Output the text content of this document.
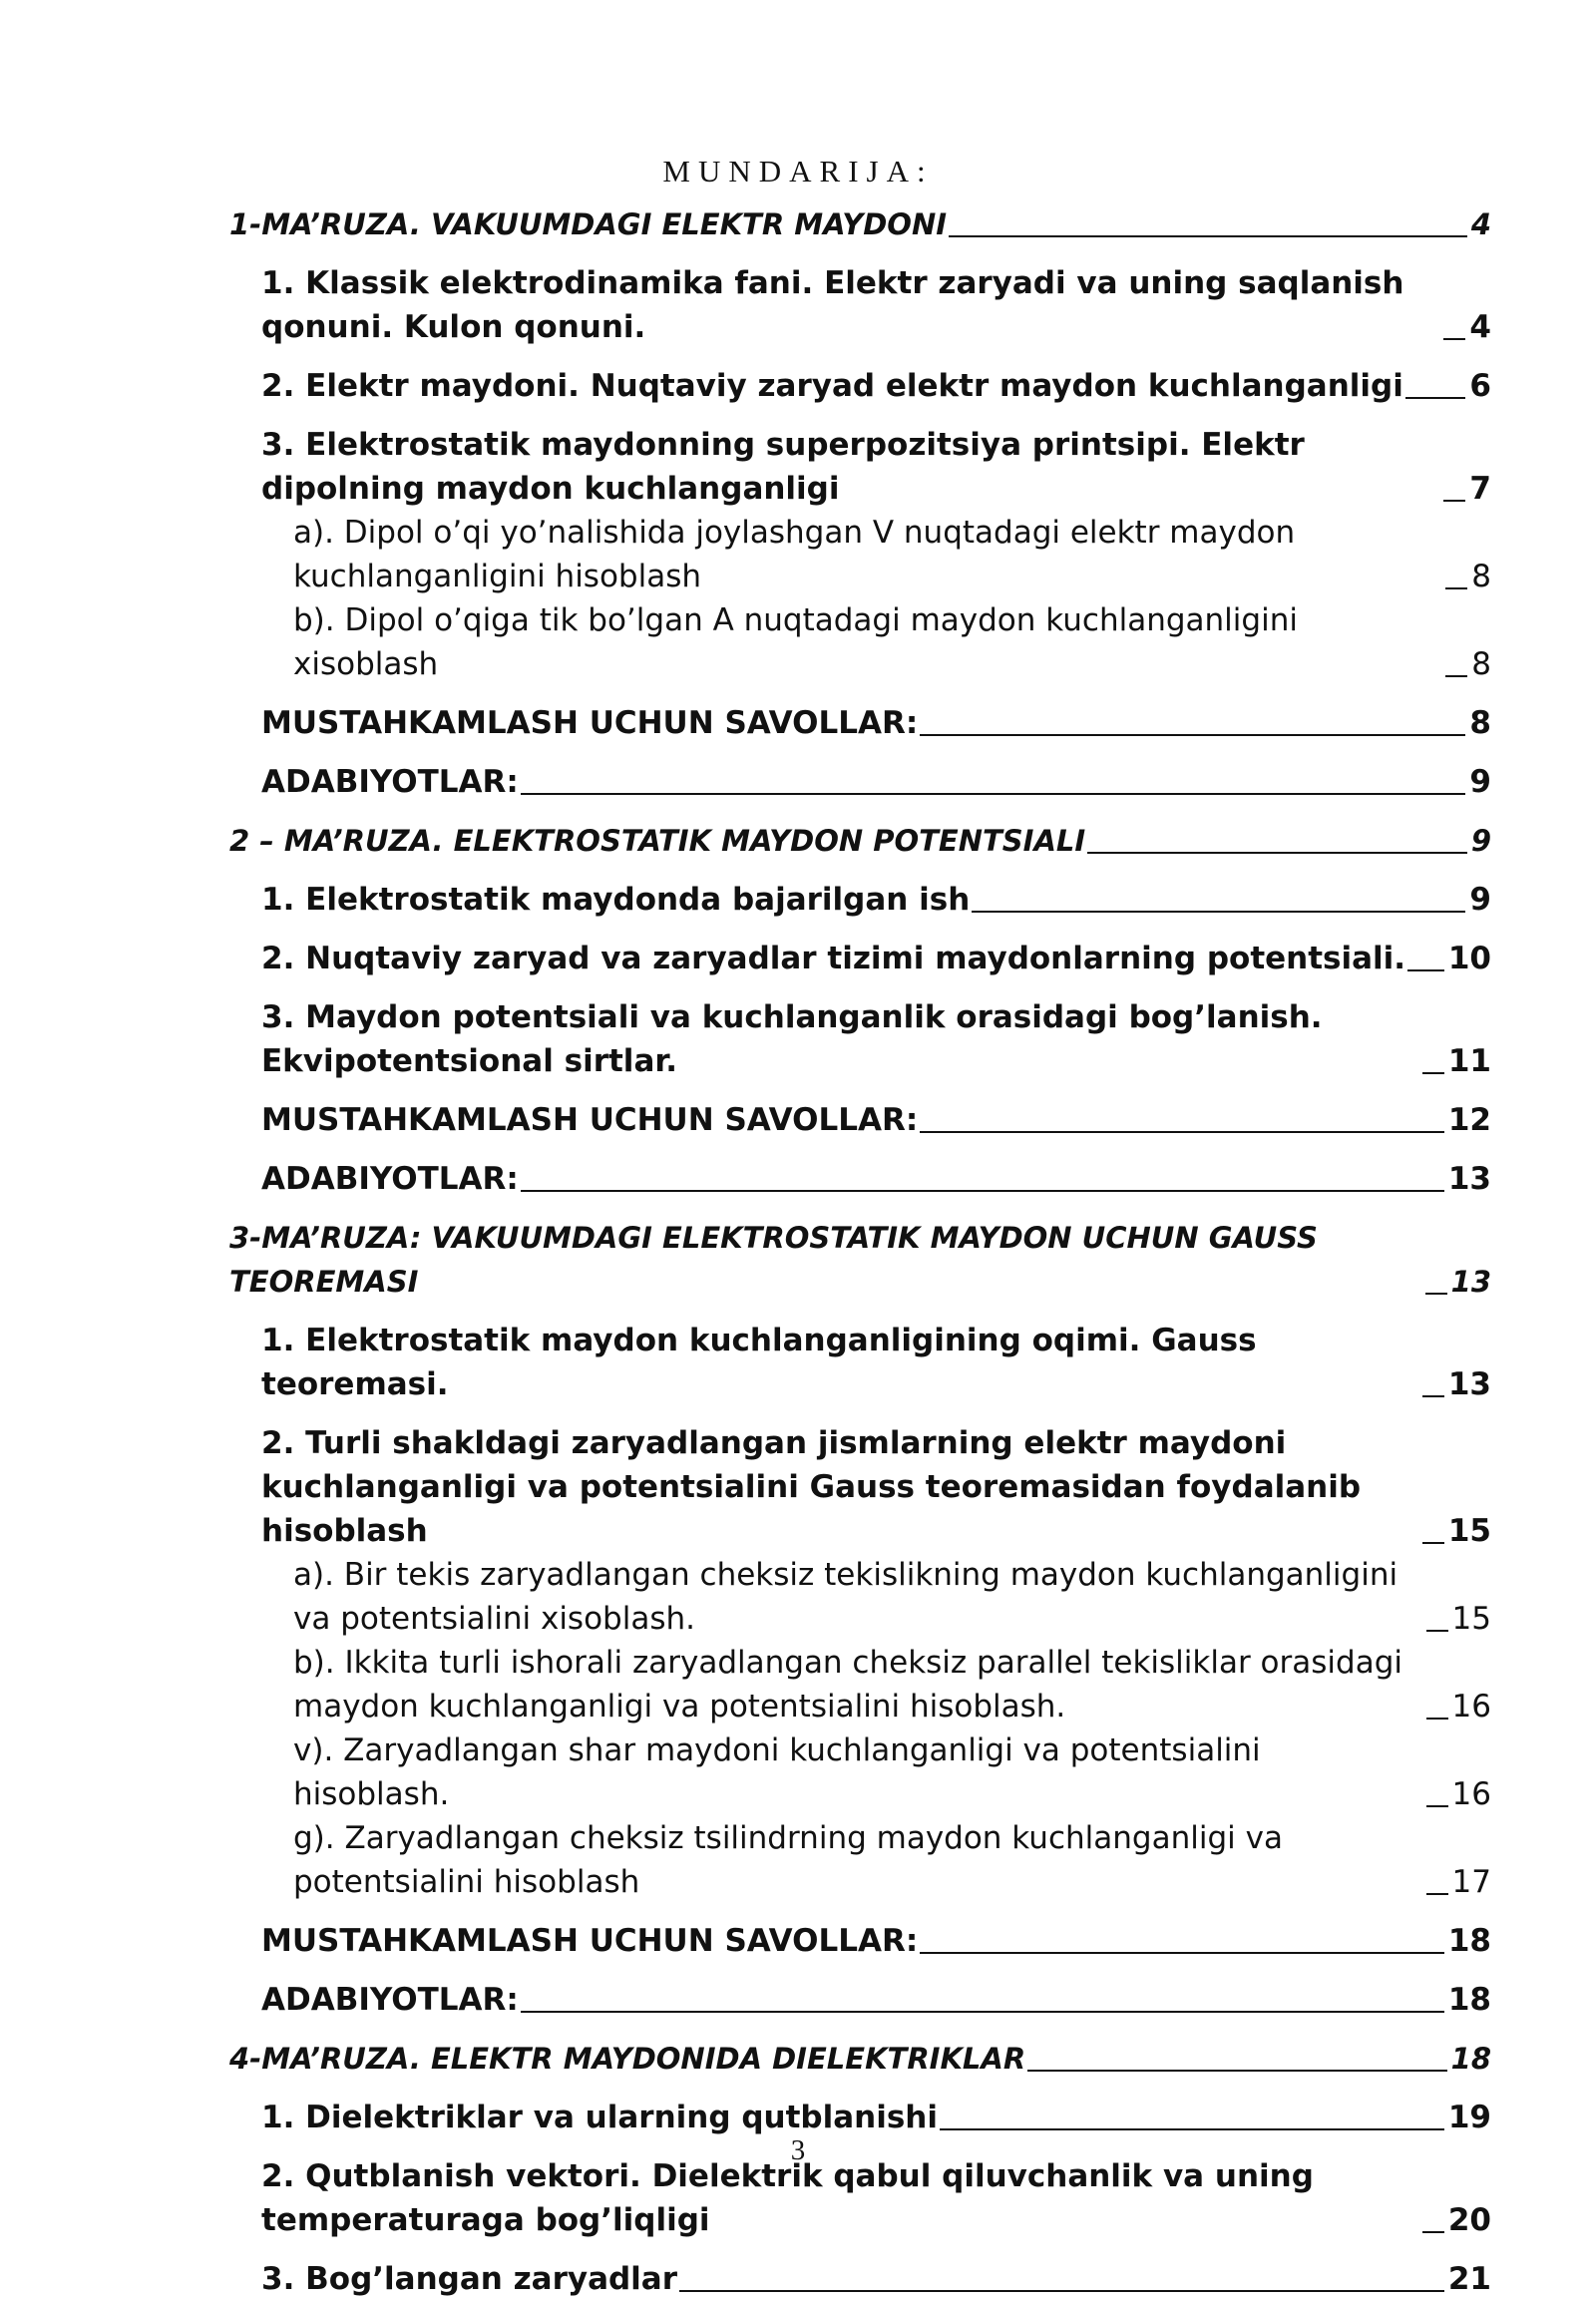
MUNDARIJA:
1-MA’RUZA. VAKUUMDAGI ELEKTR MAYDONI	4
1. Klassik elektrodinamika fani. Elektr zaryadi va uning saqlanish qonuni. Kulon qonuni.	4
2. Elektr maydoni. Nuqtaviy zaryad elektr maydon kuchlanganligi 6
3. Elektrostatik maydonning superpozitsiya printsipi. Elektr dipolning maydon kuchlanganligi	7
a). Dipol o’qi yo’nalishida joylashgan V nuqtadagi elektr maydon kuchlanganligini hisoblash	8
b). Dipol o’qiga tik bo’lgan A nuqtadagi maydon kuchlanganligini xisoblash	8
MUSTAHKAMLASH UCHUN SAVOLLAR:	8
ADABIYOTLAR:	9
2 – MA’RUZA. ELEKTROSTATIK MAYDON POTENTSIALI	9
1. Elektrostatik maydonda bajarilgan ish	9
2. Nuqtaviy zaryad va zaryadlar tizimi maydonlarning potentsiali. 10
3. Maydon potentsiali va kuchlanganlik orasidagi bog’lanish. Ekvipotentsional sirtlar.	11
MUSTAHKAMLASH UCHUN SAVOLLAR:	12
ADABIYOTLAR:	13
3-MA’RUZA: VAKUUMDAGI ELEKTROSTATIK MAYDON UCHUN GAUSS TEOREMASI	13
1. Elektrostatik maydon kuchlanganligining oqimi. Gauss teoremasi.	13
2. Turli shakldagi zaryadlangan jismlarning elektr maydoni kuchlanganligi va potentsialini Gauss teoremasidan foydalanib hisoblash	15
a). Bir tekis zaryadlangan cheksiz tekislikning maydon kuchlanganligini va potentsialini xisoblash.	15
b). Ikkita turli ishorali zaryadlangan cheksiz parallel tekisliklar orasidagi maydon kuchlanganligi va potentsialini hisoblash.	16
v). Zaryadlangan shar maydoni kuchlanganligi va potentsialini hisoblash.	16
g). Zaryadlangan cheksiz tsilindrning maydon kuchlanganligi va potentsialini hisoblash	17
MUSTAHKAMLASH UCHUN SAVOLLAR:	18
ADABIYOTLAR:	18
4-MA’RUZA. ELEKTR MAYDONIDA DIELEKTRIKLAR	18
1. Dielektriklar va ularning qutblanishi	19
2. Qutblanish vektori. Dielektrik qabul qiluvchanlik va uning temperaturaga bog’liqligi	20
3. Bog’langan zaryadlar	21
3
